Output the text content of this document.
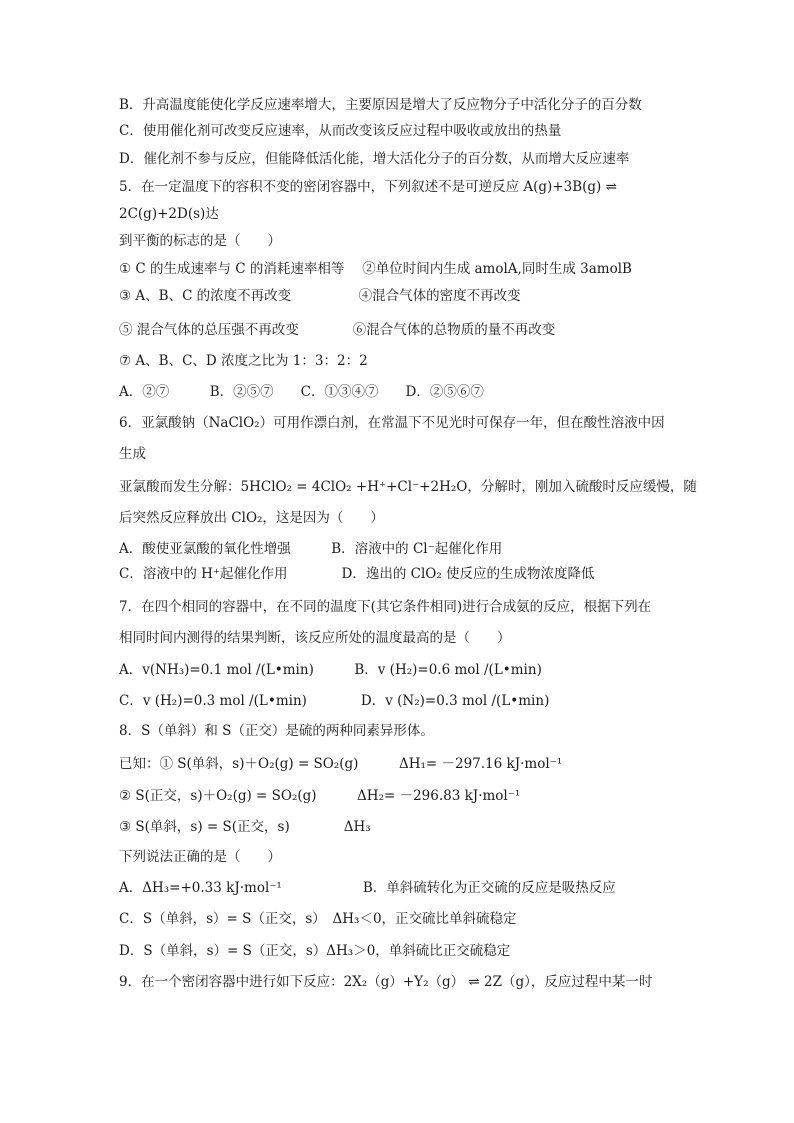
B．升高温度能使化学反应速率增大，主要原因是增大了反应物分子中活化分子的百分数
C．使用催化剂可改变反应速率，从而改变该反应过程中吸收或放出的热量
D．催化剂不参与反应，但能降低活化能，增大活化分子的百分数，从而增大反应速率
5．在一定温度下的容积不变的密闭容器中，下列叙述不是可逆反应 A(g)+3B(g) ⇌
2C(g)+2D(s)达
到平衡的标志的是（　　）
① C 的生成速率与 C 的消耗速率相等　 ②单位时间内生成 amolA,同时生成 3amolB
③ A、B、C 的浓度不再改变　　　　　④混合气体的密度不再改变
⑤ 混合气体的总压强不再改变　　　　⑥混合气体的总物质的量不再改变
⑦ A、B、C、D 浓度之比为 1：3：2：2
A．②⑦　　　B．②⑤⑦　　C．①③④⑦　　D．②⑤⑥⑦
6．亚氯酸钠（NaClO₂）可用作漂白剂，在常温下不见光时可保存一年，但在酸性溶液中因
生成
亚氯酸而发生分解：5HClO₂ = 4ClO₂ +H⁺+Cl⁻+2H₂O，分解时，刚加入硫酸时反应缓慢，随
后突然反应释放出 ClO₂，这是因为（　　）
A．酸使亚氯酸的氧化性增强　　　B．溶液中的 Cl⁻起催化作用
C．溶液中的 H⁺起催化作用　　　　D．逸出的 ClO₂ 使反应的生成物浓度降低
7．在四个相同的容器中，在不同的温度下(其它条件相同)进行合成氨的反应，根据下列在
相同时间内测得的结果判断，该反应所处的温度最高的是（　　）
A．v(NH₃)=0.1 mol /(L•min)　　　B．v (H₂)=0.6 mol /(L•min)
C．v (H₂)=0.3 mol /(L•min)　　　　D．v (N₂)=0.3 mol /(L•min)
8．S（单斜）和 S（正交）是硫的两种同素异形体。
已知：① S(单斜，s)＋O₂(g) = SO₂(g)　　　ΔH₁= －297.16 kJ·mol⁻¹
② S(正交，s)＋O₂(g) = SO₂(g)　　　ΔH₂= －296.83 kJ·mol⁻¹
③ S(单斜，s) = S(正交，s)　　　　ΔH₃
下列说法正确的是（　　）
A．ΔH₃=+0.33 kJ·mol⁻¹　　　　　　B．单斜硫转化为正交硫的反应是吸热反应
C．S（单斜，s）= S（正交，s）　ΔH₃＜0，正交硫比单斜硫稳定
D．S（单斜，s）= S（正交，s）ΔH₃＞0，单斜硫比正交硫稳定
9．在一个密闭容器中进行如下反应：2X₂（g）+Y₂（g） ⇌ 2Z（g），反应过程中某一时
